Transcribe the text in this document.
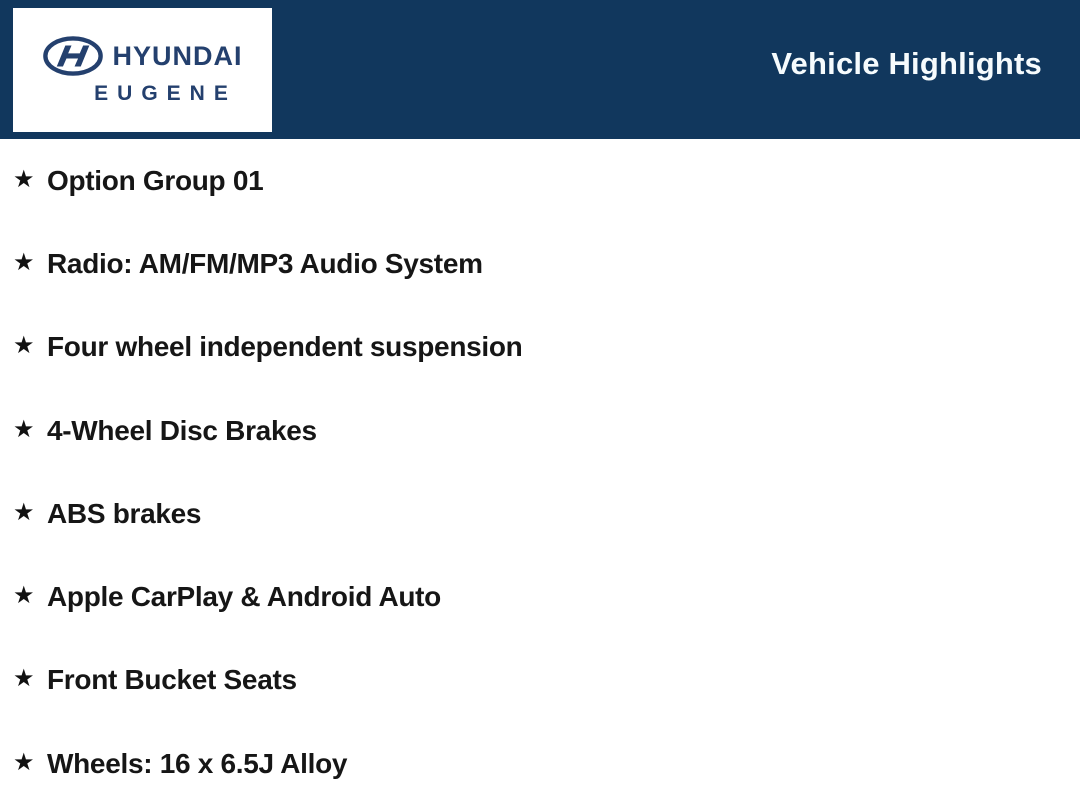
HYUNDAI
EUGENE
Vehicle Highlights
★ Option Group 01
★ Radio: AM/FM/MP3 Audio System
★ Four wheel independent suspension
★ 4-Wheel Disc Brakes
★ ABS brakes
★ Apple CarPlay & Android Auto
★ Front Bucket Seats
★ Wheels: 16 x 6.5J Alloy
